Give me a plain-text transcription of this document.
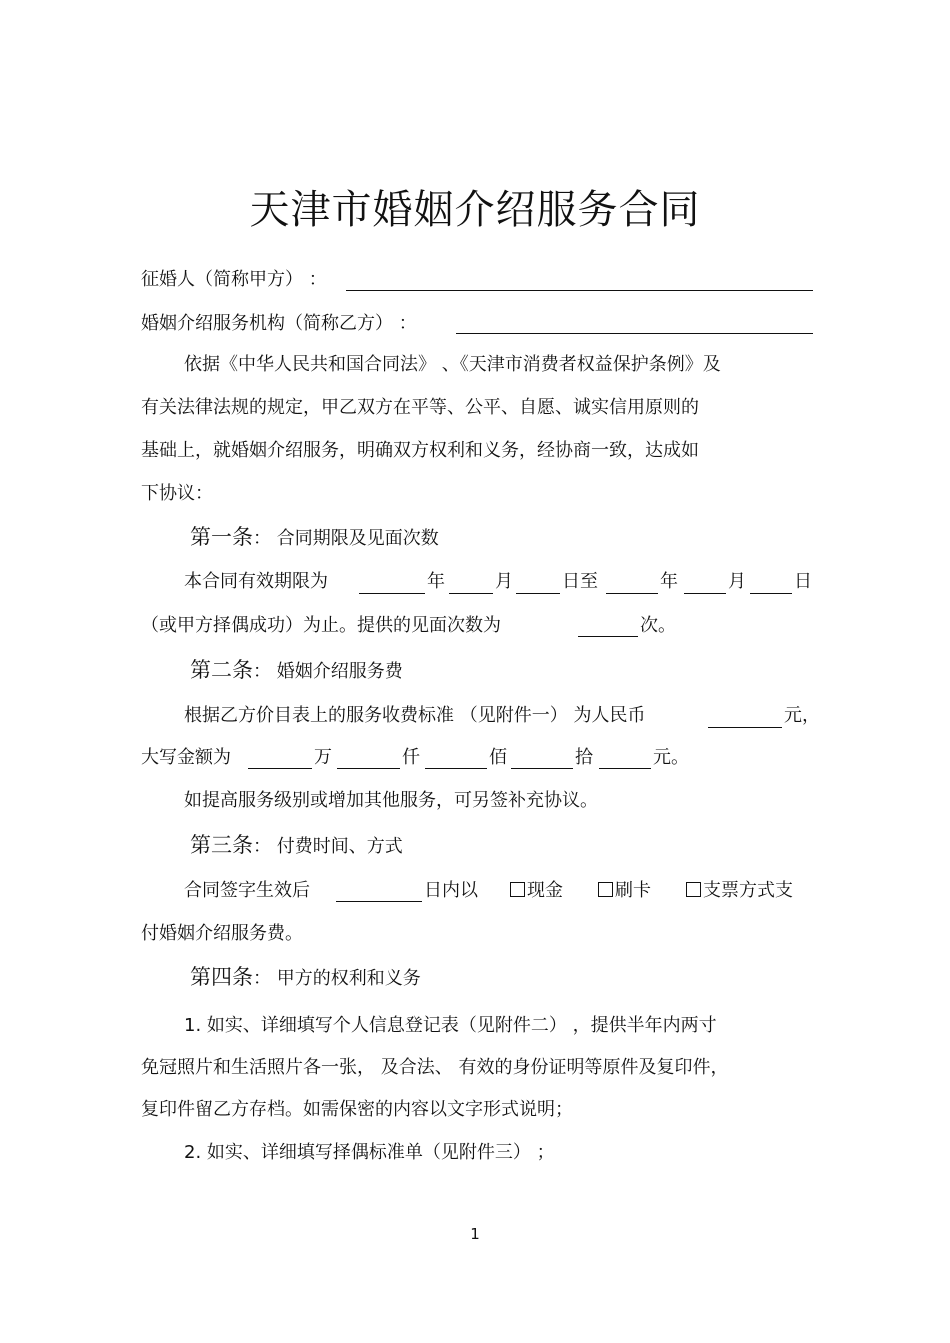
天津市婚姻介绍服务合同
征婚人（简称甲方） ：
婚姻介绍服务机构（简称乙方） ：
依据《中华人民共和国合同法》 、《天津市消费者权益保护条例》及
有关法律法规的规定，甲乙双方在平等、公平、自愿、诚实信用原则的
基础上，就婚姻介绍服务，明确双方权利和义务，经协商一致，达成如
下协议：
第一条： 合同期限及见面次数
本合同有效期限为	年	月	日至	年	月	日
（或甲方择偶成功）为止。提供的见面次数为	次。
第二条： 婚姻介绍服务费
根据乙方价目表上的服务收费标准 （见附件一） 为人民币	元，
大写金额为	万	仟	佰	拾	元。
如提高服务级别或增加其他服务，可另签补充协议。
第三条： 付费时间、方式
合同签字生效后	日内以	现金	刷卡	支票方式支
付婚姻介绍服务费。
第四条： 甲方的权利和义务
1. 如实、详细填写个人信息登记表（见附件二） ，提供半年内两寸
免冠照片和生活照片各一张， 及合法、 有效的身份证明等原件及复印件，
复印件留乙方存档。如需保密的内容以文字形式说明；
2. 如实、详细填写择偶标准单（见附件三） ；
1
